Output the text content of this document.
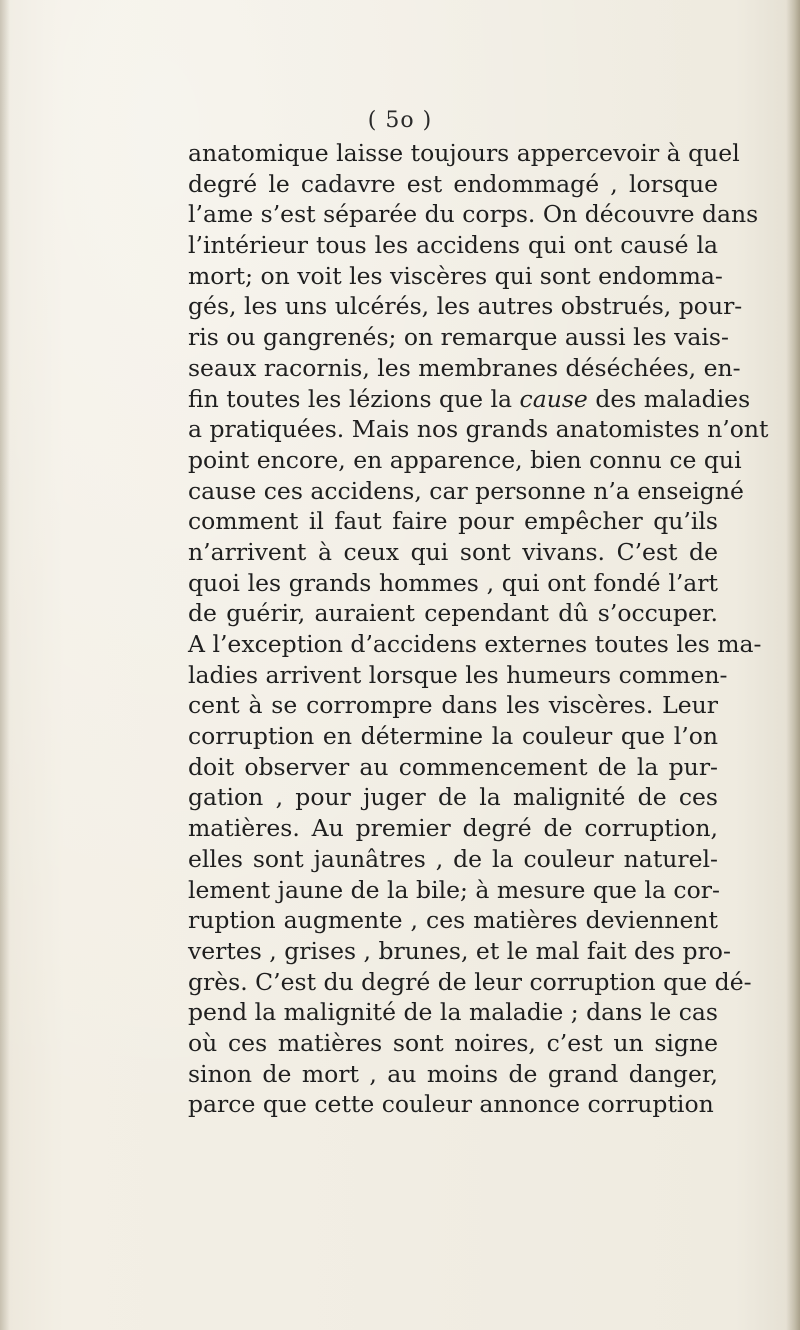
( 5o )
anatomique laisse toujours appercevoir à quel
degré le cadavre est endommagé , lorsque
l’ame s’est séparée du corps. On découvre dans
l’intérieur tous les accidens qui ont causé la
mort; on voit les viscères qui sont endomma-
gés, les uns ulcérés, les autres obstrués, pour-
ris ou gangrenés; on remarque aussi les vais-
seaux racornis, les membranes déséchées, en-
fin toutes les lézions que la cause des maladies
a pratiquées. Mais nos grands anatomistes n’ont
point encore, en apparence, bien connu ce qui
cause ces accidens, car personne n’a enseigné
comment il faut faire pour empêcher qu’ils
n’arrivent à ceux qui sont vivans. C’est de
quoi les grands hommes , qui ont fondé l’art
de guérir, auraient cependant dû s’occuper.
A l’exception d’accidens externes toutes les ma-
ladies arrivent lorsque les humeurs commen-
cent à se corrompre dans les viscères. Leur
corruption en détermine la couleur que l’on
doit observer au commencement de la pur-
gation , pour juger de la malignité de ces
matières. Au premier degré de corruption,
elles sont jaunâtres , de la couleur naturel-
lement jaune de la bile; à mesure que la cor-
ruption augmente , ces matières deviennent
vertes , grises , brunes, et le mal fait des pro-
grès. C’est du degré de leur corruption que dé-
pend la malignité de la maladie ; dans le cas
où ces matières sont noires, c’est un signe
sinon de mort , au moins de grand danger,
parce que cette couleur annonce corruption
